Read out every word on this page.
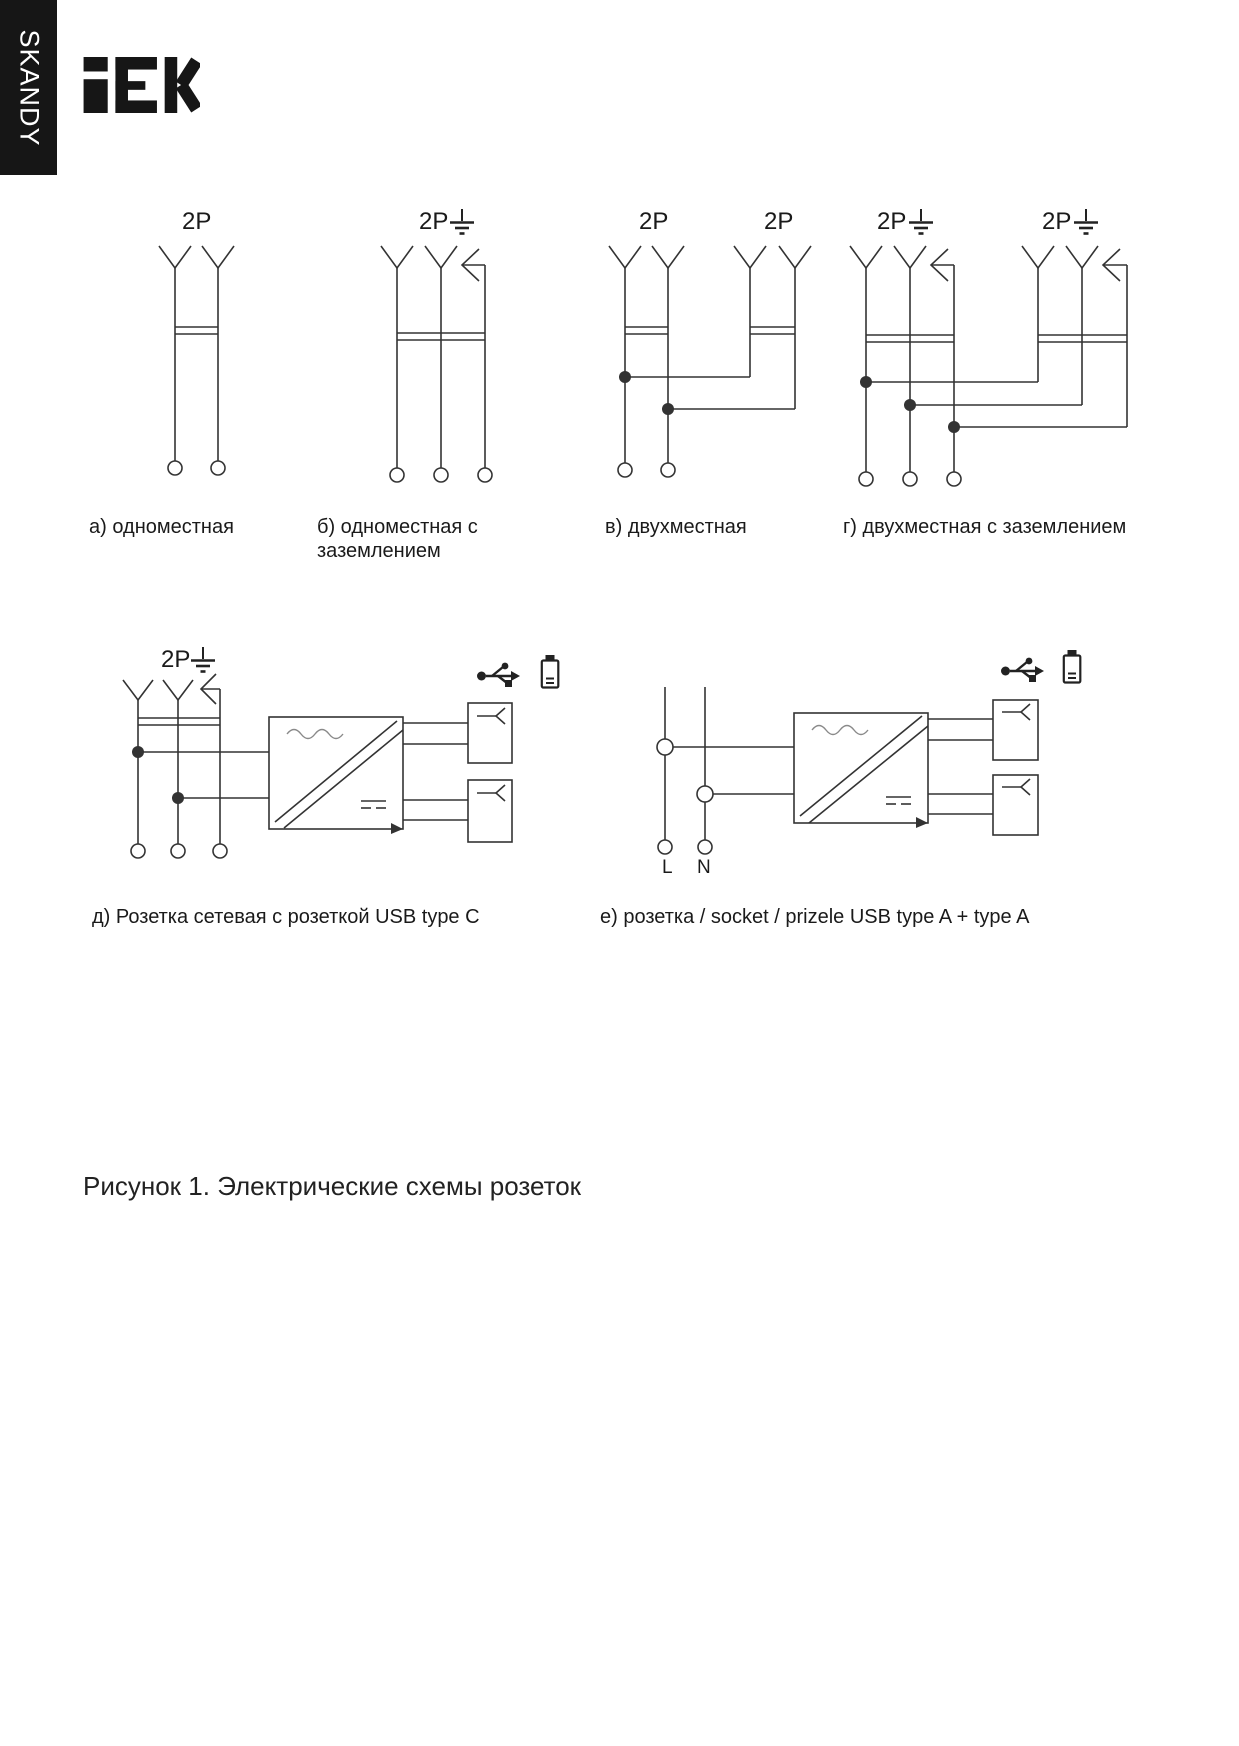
SKANDY
2P	2P	2P	2P	2P	2P
2P
L N
а) одноместная	б) одноместная с
заземлением
в) двухместная	г) двухместная с заземлением
д) Розетка сетевая с розеткой USB type C	е) розетка / socket / prizele USB type A + type A
Рисунок 1. Электрические схемы розеток
